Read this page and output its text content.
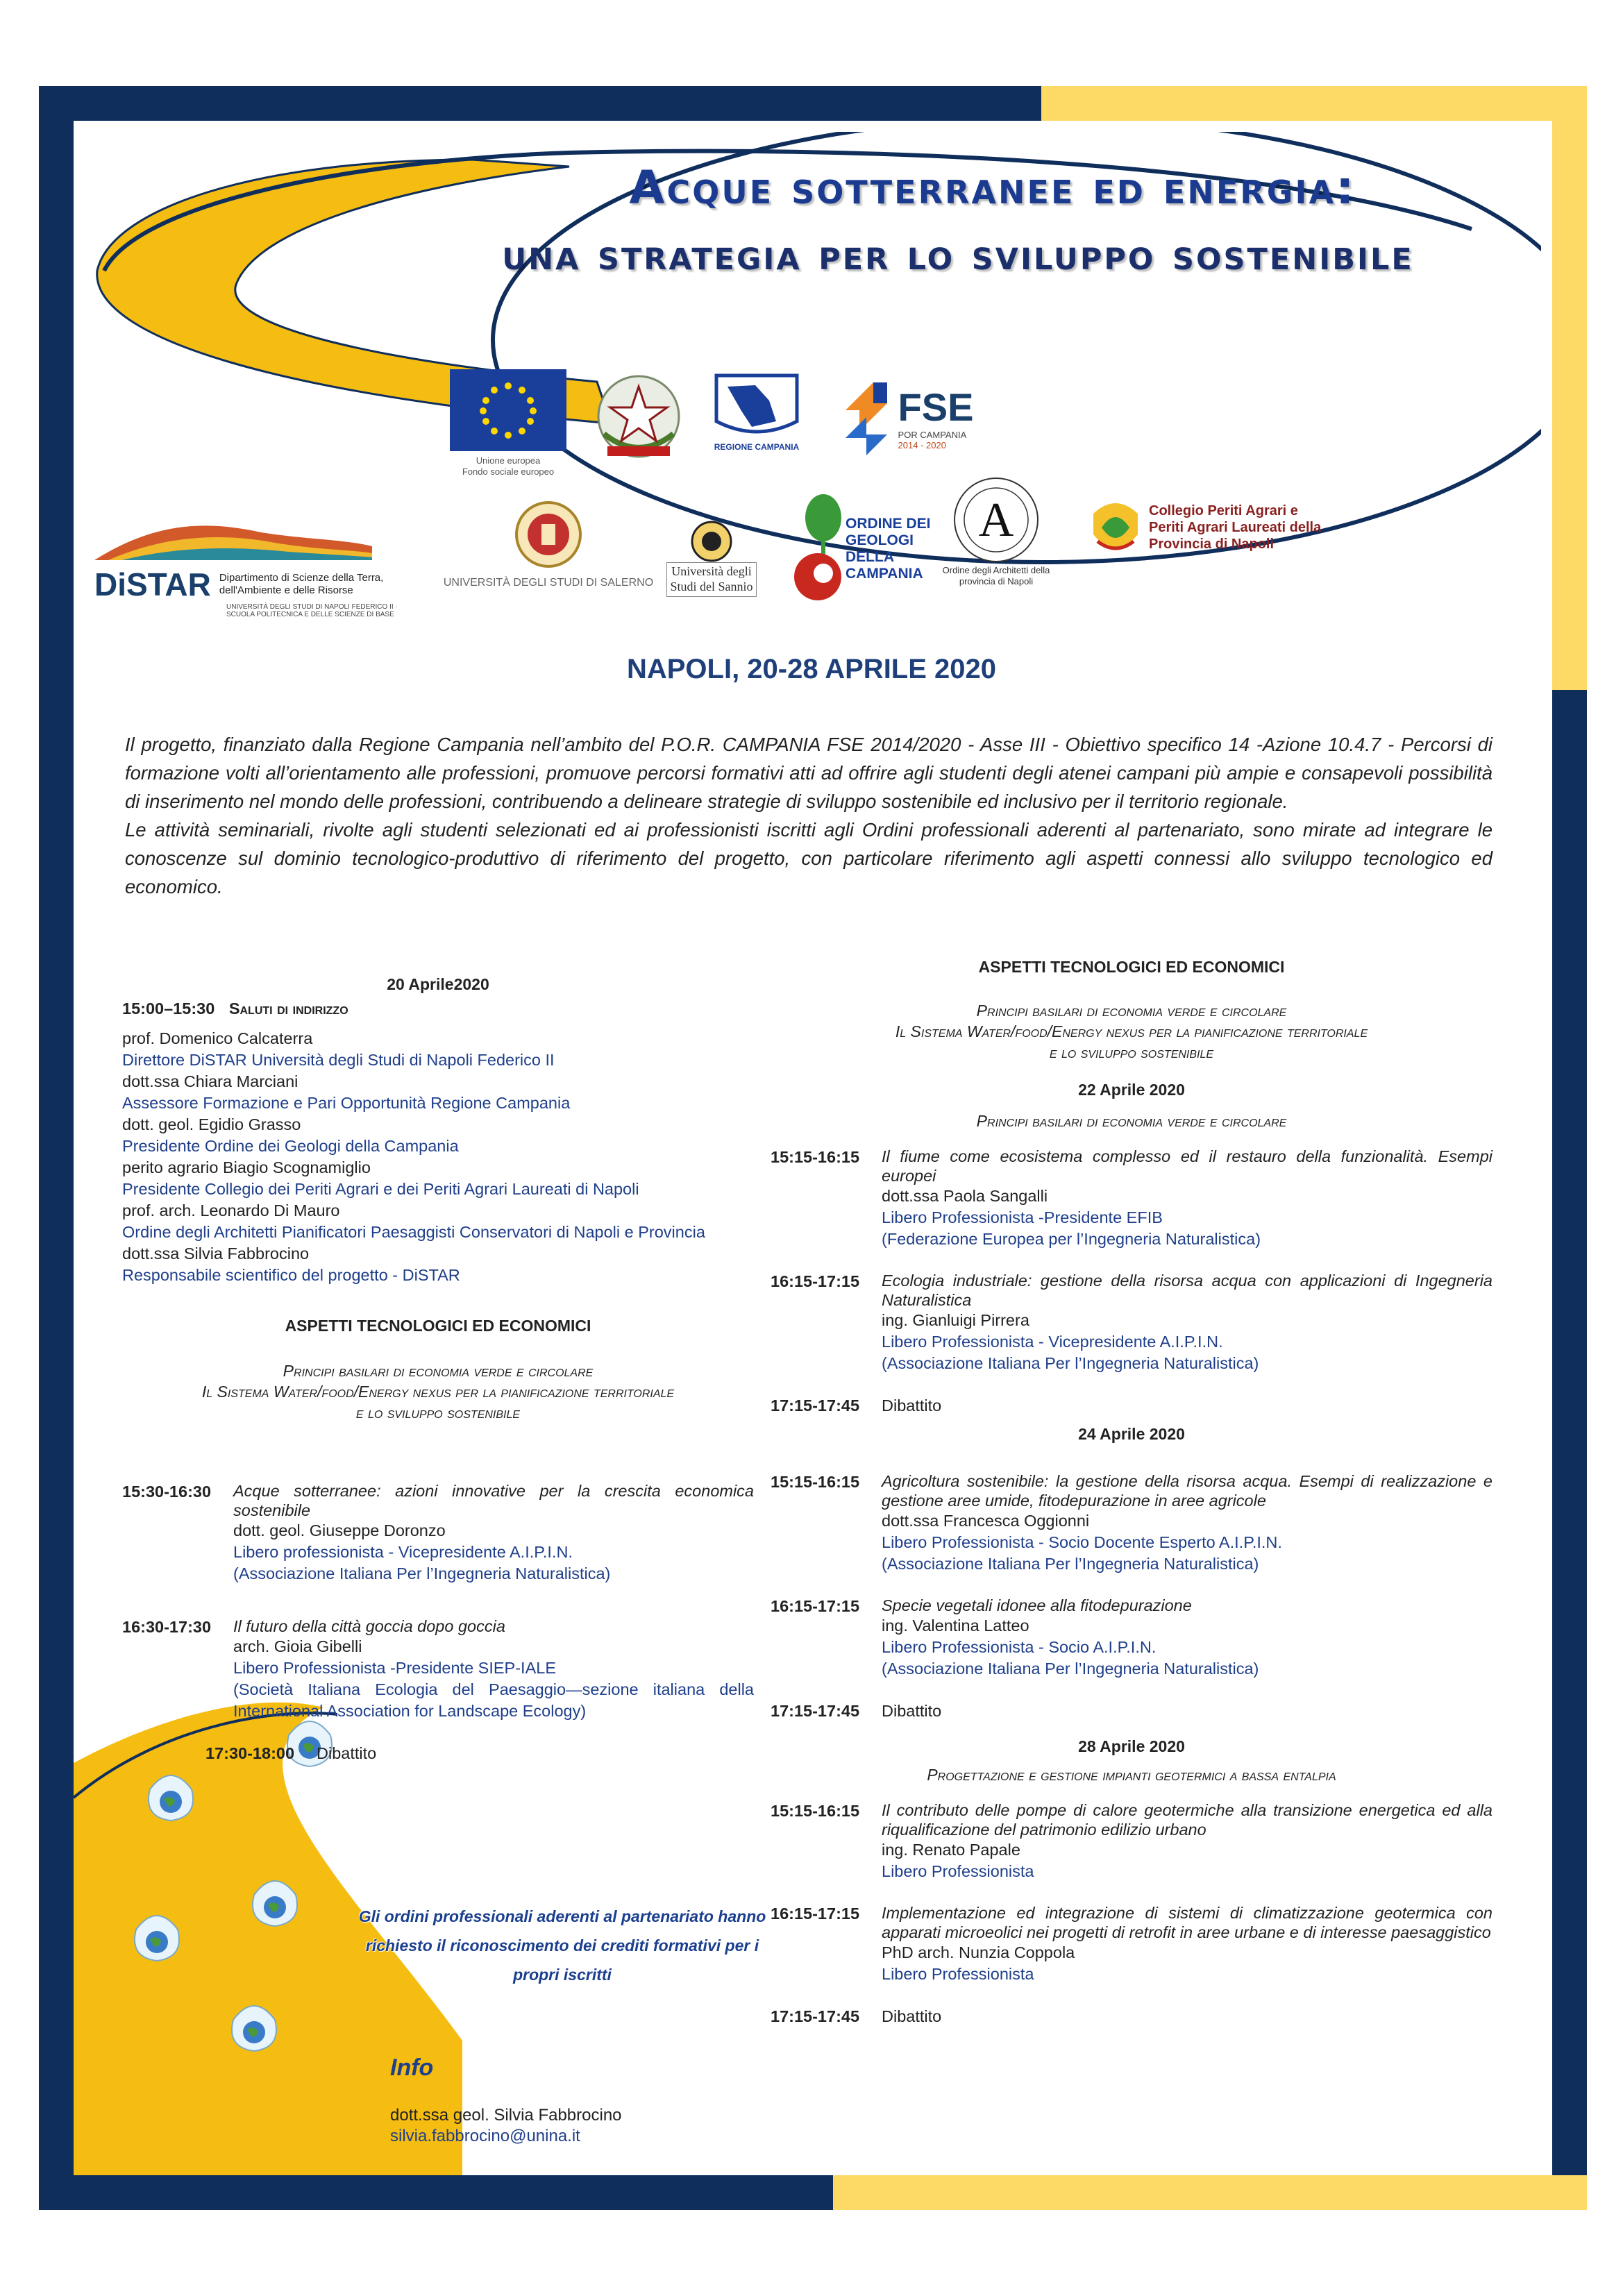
Acque sotterranee ed energia:
una strategia per lo sviluppo sostenibile
Unione europea
Fondo sociale europeo
REGIONE CAMPANIA
FSE
POR CAMPANIA
2014 - 2020
DiSTAR Dipartimento di Scienze della Terra, dell'Ambiente e delle Risorse
UNIVERSITÀ DEGLI STUDI DI NAPOLI FEDERICO II · SCUOLA POLITECNICA E DELLE SCIENZE DI BASE
UNIVERSITÀ DEGLI STUDI DI SALERNO
Università degli Studi del Sannio
ORDINE DEI GEOLOGI DELLA CAMPANIA
A
Ordine degli Architetti della provincia di Napoli
Collegio Periti Agrari e Periti Agrari Laureati della Provincia di Napoli
NAPOLI, 20-28 APRILE 2020

Il progetto, finanziato dalla Regione Campania nell’ambito del P.O.R. CAMPANIA FSE 2014/2020 - Asse III - Obiettivo specifico 14 -Azione 10.4.7 - Percorsi di formazione volti all’orientamento alle professioni, promuove percorsi formativi atti ad offrire agli studenti degli atenei campani più ampie e consapevoli possibilità di inserimento nel mondo delle professioni, contribuendo a delineare strategie di sviluppo sostenibile ed inclusivo per il territorio regionale.

Le attività seminariali, rivolte agli studenti selezionati ed ai professionisti iscritti agli Ordini professionali aderenti al partenariato, sono mirate ad integrare le conoscenze sul dominio tecnologico-produttivo di riferimento del progetto, con particolare riferimento agli aspetti connessi allo sviluppo tecnologico ed economico.

20 Aprile2020
15:00–15:30 Saluti di indirizzo
prof. Domenico Calcaterra
Direttore DiSTAR Università degli Studi di Napoli Federico II
dott.ssa Chiara Marciani
Assessore Formazione e Pari Opportunità Regione Campania
dott. geol. Egidio Grasso
Presidente Ordine dei Geologi della Campania
perito agrario Biagio Scognamiglio
Presidente Collegio dei Periti Agrari e dei Periti Agrari Laureati di Napoli
prof. arch. Leonardo Di Mauro
Ordine degli Architetti Pianificatori Paesaggisti Conservatori di Napoli e Provincia
dott.ssa Silvia Fabbrocino
Responsabile scientifico del progetto - DiSTAR
ASPETTI TECNOLOGICI ED ECONOMICI
Principi basilari di economia verde e circolare
Il Sistema Water/food/Energy nexus per la pianificazione territoriale
e lo sviluppo sostenibile
15:30-16:30	Acque sotterranee: azioni innovative per la crescita economica sostenibile
dott. geol. Giuseppe Doronzo
Libero professionista - Vicepresidente A.I.P.I.N.
(Associazione Italiana Per l’Ingegneria Naturalistica)
16:30-17:30	Il futuro della città goccia dopo goccia
arch. Gioia Gibelli
Libero Professionista -Presidente SIEP-IALE
(Società Italiana Ecologia del Paesaggio—sezione italiana della International Association for Landscape Ecology)
17:30-18:00	Dibattito
ASPETTI TECNOLOGICI ED ECONOMICI
Principi basilari di economia verde e circolare
Il Sistema Water/food/Energy nexus per la pianificazione territoriale
e lo sviluppo sostenibile
22 Aprile 2020
Principi basilari di economia verde e circolare
15:15-16:15	Il fiume come ecosistema complesso ed il restauro della funzionalità. Esempi europei
dott.ssa Paola Sangalli
Libero Professionista -Presidente EFIB
(Federazione Europea per l’Ingegneria Naturalistica)
16:15-17:15	Ecologia industriale: gestione della risorsa acqua con applicazioni di Ingegneria Naturalistica
ing. Gianluigi Pirrera
Libero Professionista - Vicepresidente A.I.P.I.N.
(Associazione Italiana Per l’Ingegneria Naturalistica)
17:15-17:45	Dibattito
24 Aprile 2020
15:15-16:15	Agricoltura sostenibile: la gestione della risorsa acqua. Esempi di realizzazione e gestione aree umide, fitodepurazione in aree agricole
dott.ssa Francesca Oggionni
Libero Professionista - Socio Docente Esperto A.I.P.I.N.
(Associazione Italiana Per l’Ingegneria Naturalistica)
16:15-17:15	Specie vegetali idonee alla fitodepurazione
ing. Valentina Latteo
Libero Professionista - Socio A.I.P.I.N.
(Associazione Italiana Per l’Ingegneria Naturalistica)
17:15-17:45	Dibattito
28 Aprile 2020
Progettazione e gestione impianti geotermici a bassa entalpia
15:15-16:15	Il contributo delle pompe di calore geotermiche alla transizione energetica ed alla riqualificazione del patrimonio edilizio urbano
ing. Renato Papale
Libero Professionista
16:15-17:15	Implementazione ed integrazione di sistemi di climatizzazione geotermica con apparati microeolici nei progetti di retrofit in aree urbane e di interesse paesaggistico
PhD arch. Nunzia Coppola
Libero Professionista
17:15-17:45	Dibattito
Gli ordini professionali aderenti al partenariato hanno richiesto il riconoscimento dei crediti formativi per i propri iscritti
Info
dott.ssa geol. Silvia Fabbrocino
silvia.fabbrocino@unina.it
